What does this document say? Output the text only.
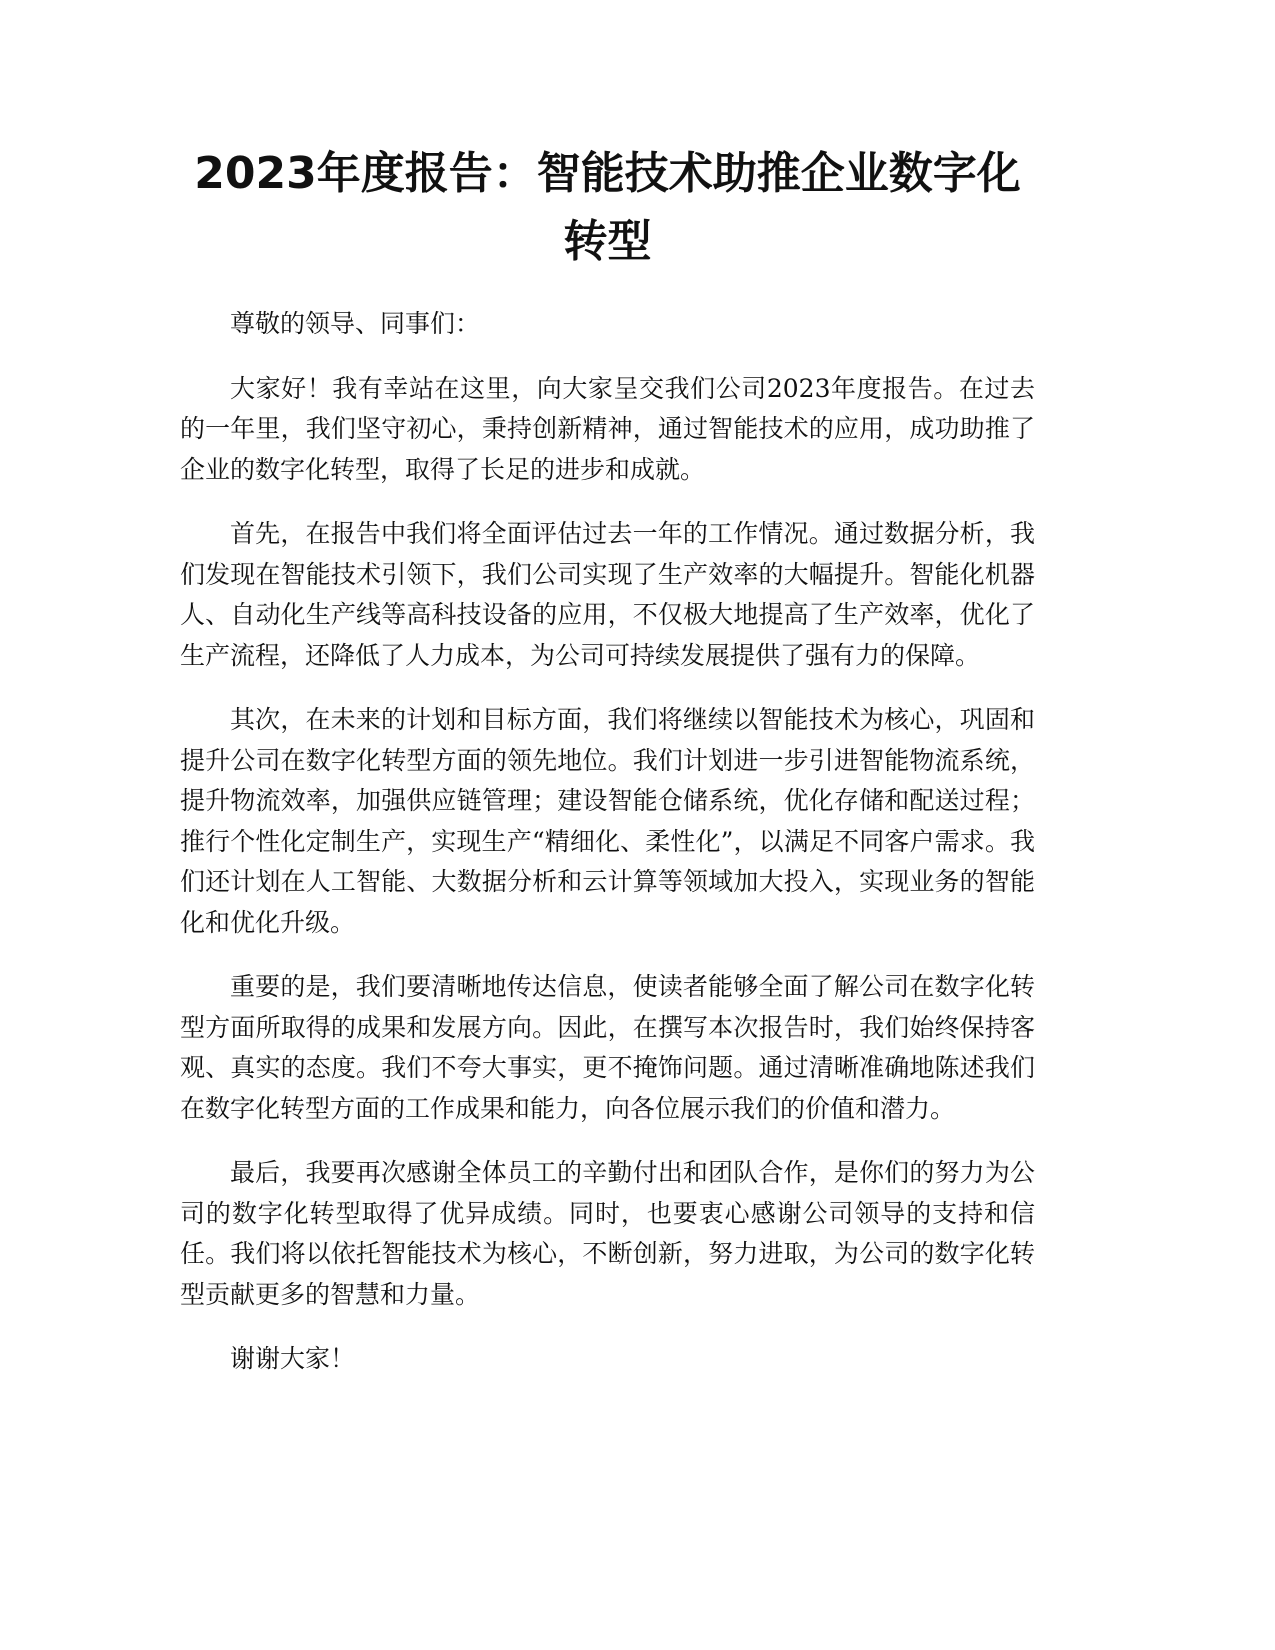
2023年度报告：智能技术助推企业数字化转型

尊敬的领导、同事们：

大家好！我有幸站在这里，向大家呈交我们公司2023年度报告。在过去的一年里，我们坚守初心，秉持创新精神，通过智能技术的应用，成功助推了企业的数字化转型，取得了长足的进步和成就。

首先，在报告中我们将全面评估过去一年的工作情况。通过数据分析，我们发现在智能技术引领下，我们公司实现了生产效率的大幅提升。智能化机器人、自动化生产线等高科技设备的应用，不仅极大地提高了生产效率，优化了生产流程，还降低了人力成本，为公司可持续发展提供了强有力的保障。

其次，在未来的计划和目标方面，我们将继续以智能技术为核心，巩固和提升公司在数字化转型方面的领先地位。我们计划进一步引进智能物流系统，提升物流效率，加强供应链管理；建设智能仓储系统，优化存储和配送过程；推行个性化定制生产，实现生产“精细化、柔性化”，以满足不同客户需求。我们还计划在人工智能、大数据分析和云计算等领域加大投入，实现业务的智能化和优化升级。

重要的是，我们要清晰地传达信息，使读者能够全面了解公司在数字化转型方面所取得的成果和发展方向。因此，在撰写本次报告时，我们始终保持客观、真实的态度。我们不夸大事实，更不掩饰问题。通过清晰准确地陈述我们在数字化转型方面的工作成果和能力，向各位展示我们的价值和潜力。

最后，我要再次感谢全体员工的辛勤付出和团队合作，是你们的努力为公司的数字化转型取得了优异成绩。同时，也要衷心感谢公司领导的支持和信任。我们将以依托智能技术为核心，不断创新，努力进取，为公司的数字化转型贡献更多的智慧和力量。

谢谢大家！
